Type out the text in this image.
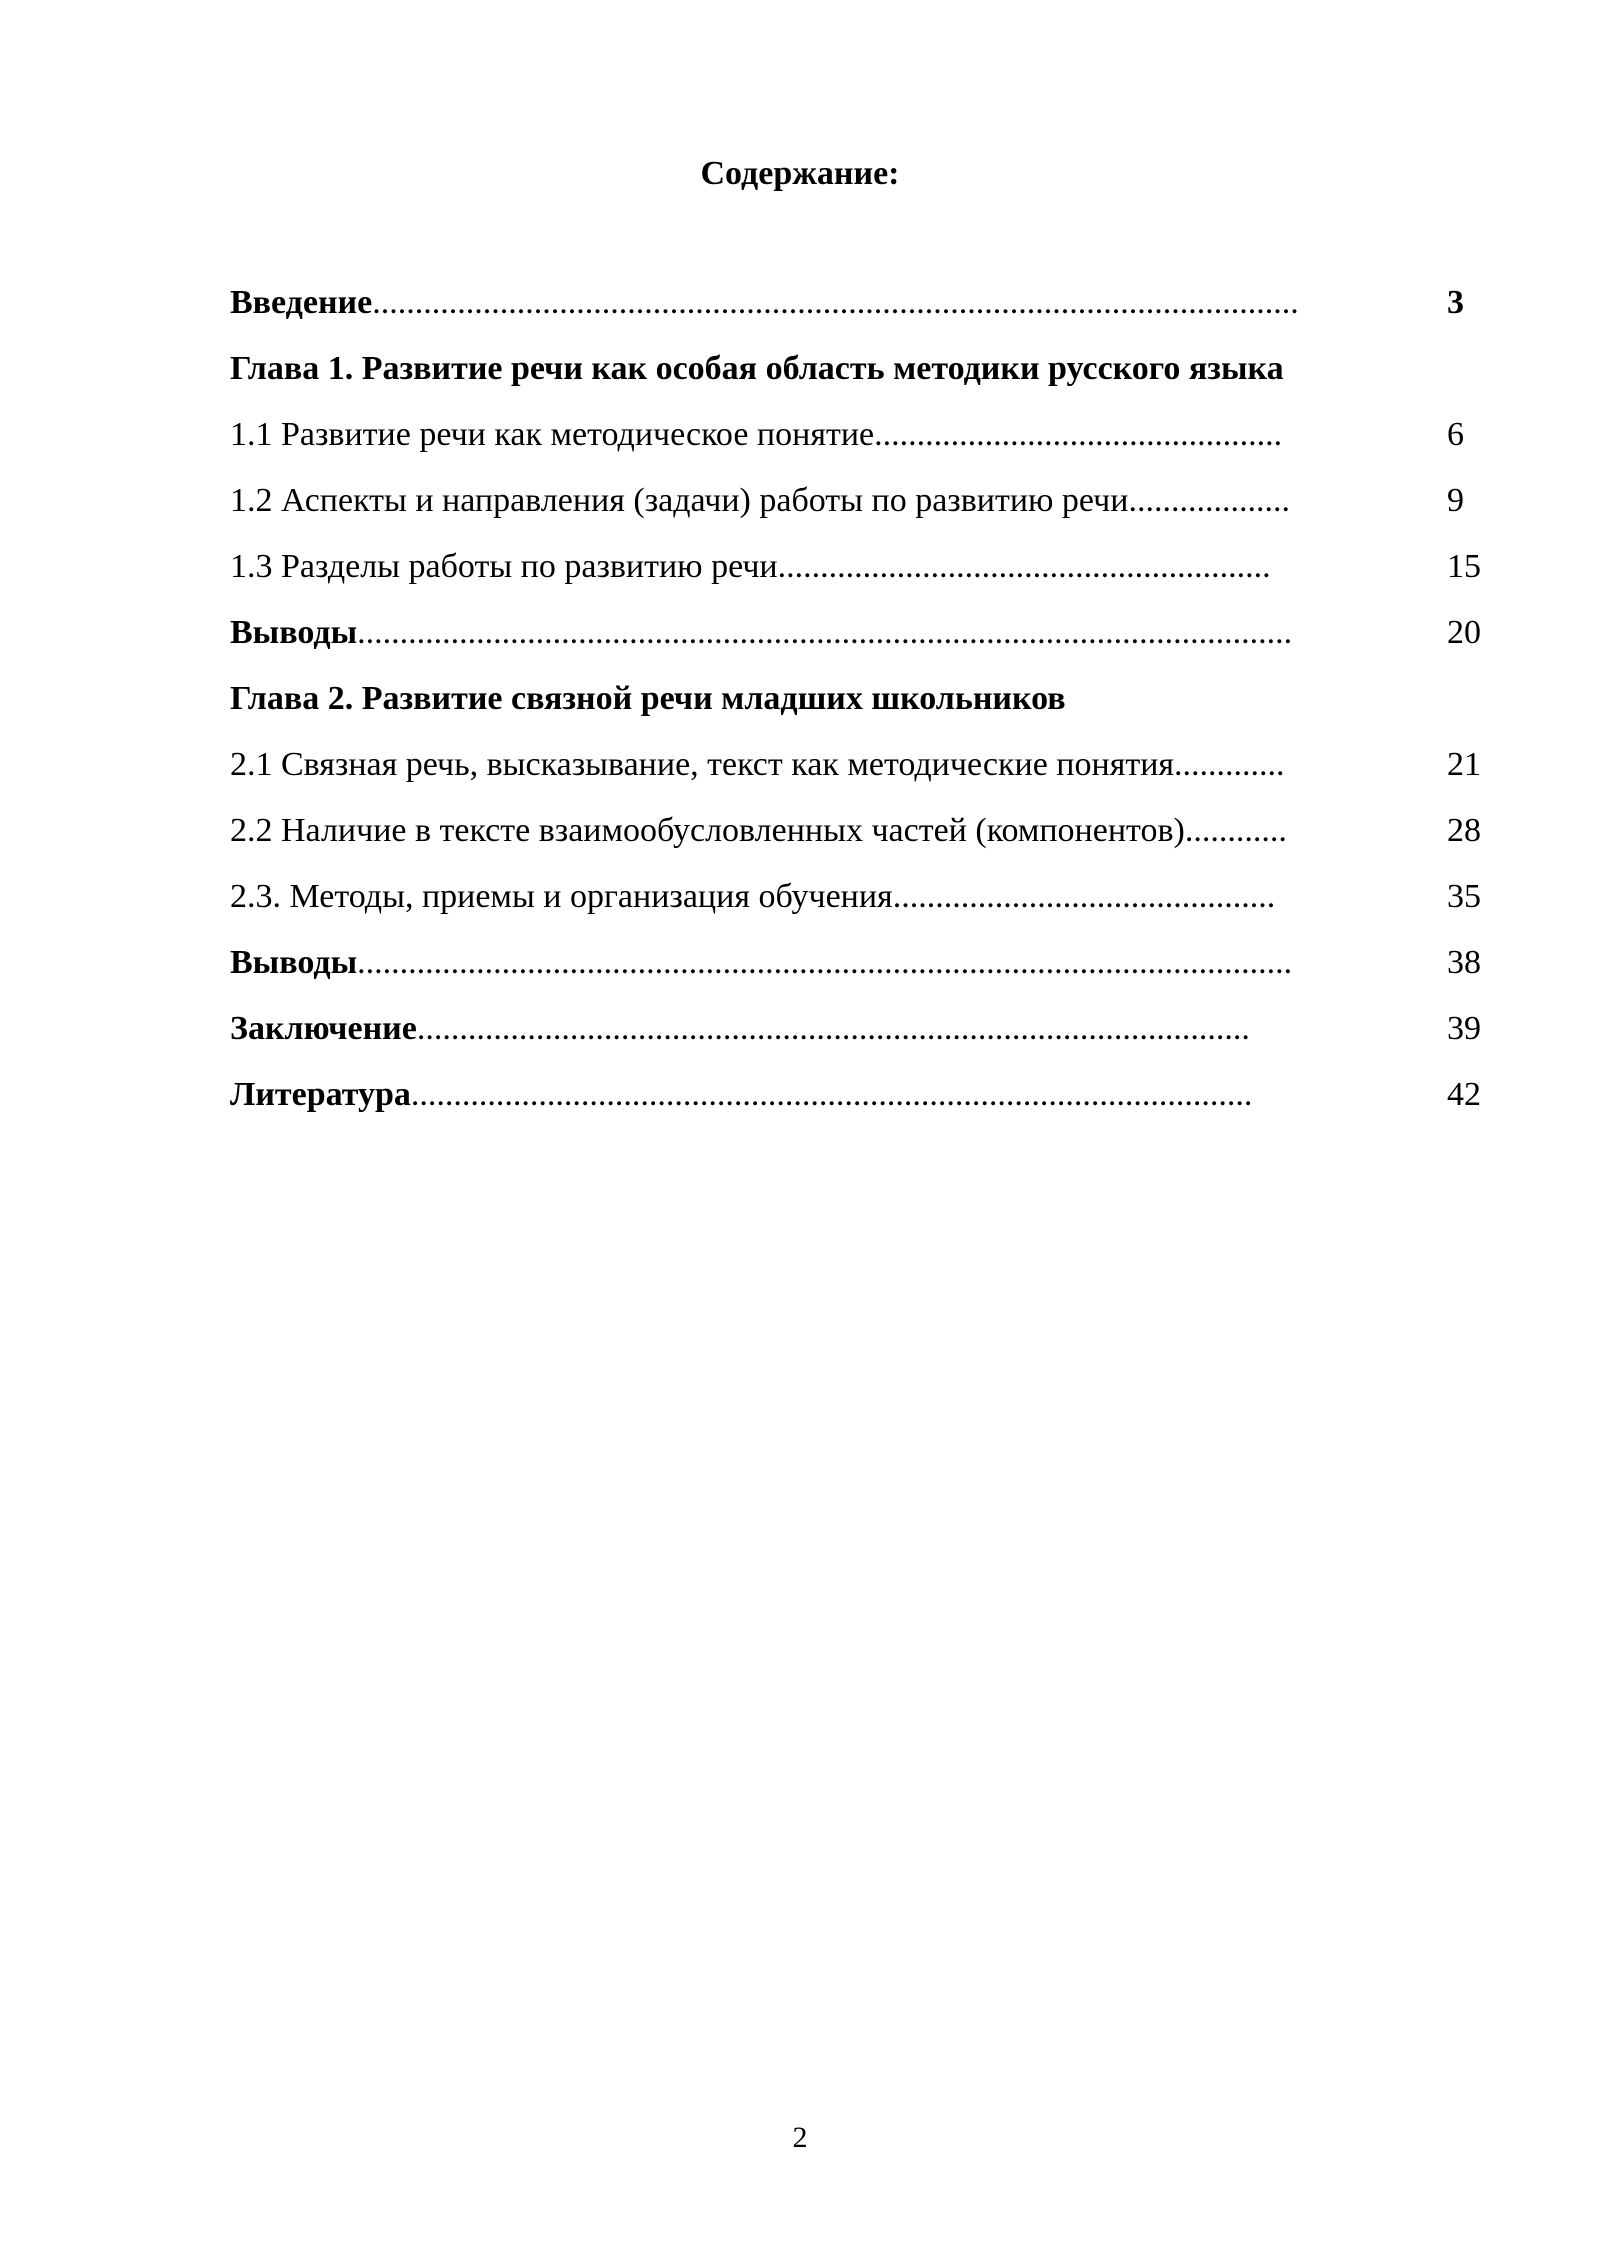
Содержание:
Введение.............................................................................................................	3
Глава 1. Развитие речи как особая область методики русского языка
1.1 Развитие речи как методическое понятие................................................	6
1.2 Аспекты и направления (задачи) работы по развитию речи...................	9
1.3 Разделы работы по развитию речи..........................................................	15
Выводы..............................................................................................................	20
Глава 2. Развитие связной речи младших школьников
2.1 Связная речь, высказывание, текст как методические понятия.............	21
2.2 Наличие в тексте взаимообусловленных частей (компонентов)............	28
2.3. Методы, приемы и организация обучения.............................................	35
Выводы..............................................................................................................	38
Заключение..................................................................................................	39
Литература...................................................................................................	42
2
